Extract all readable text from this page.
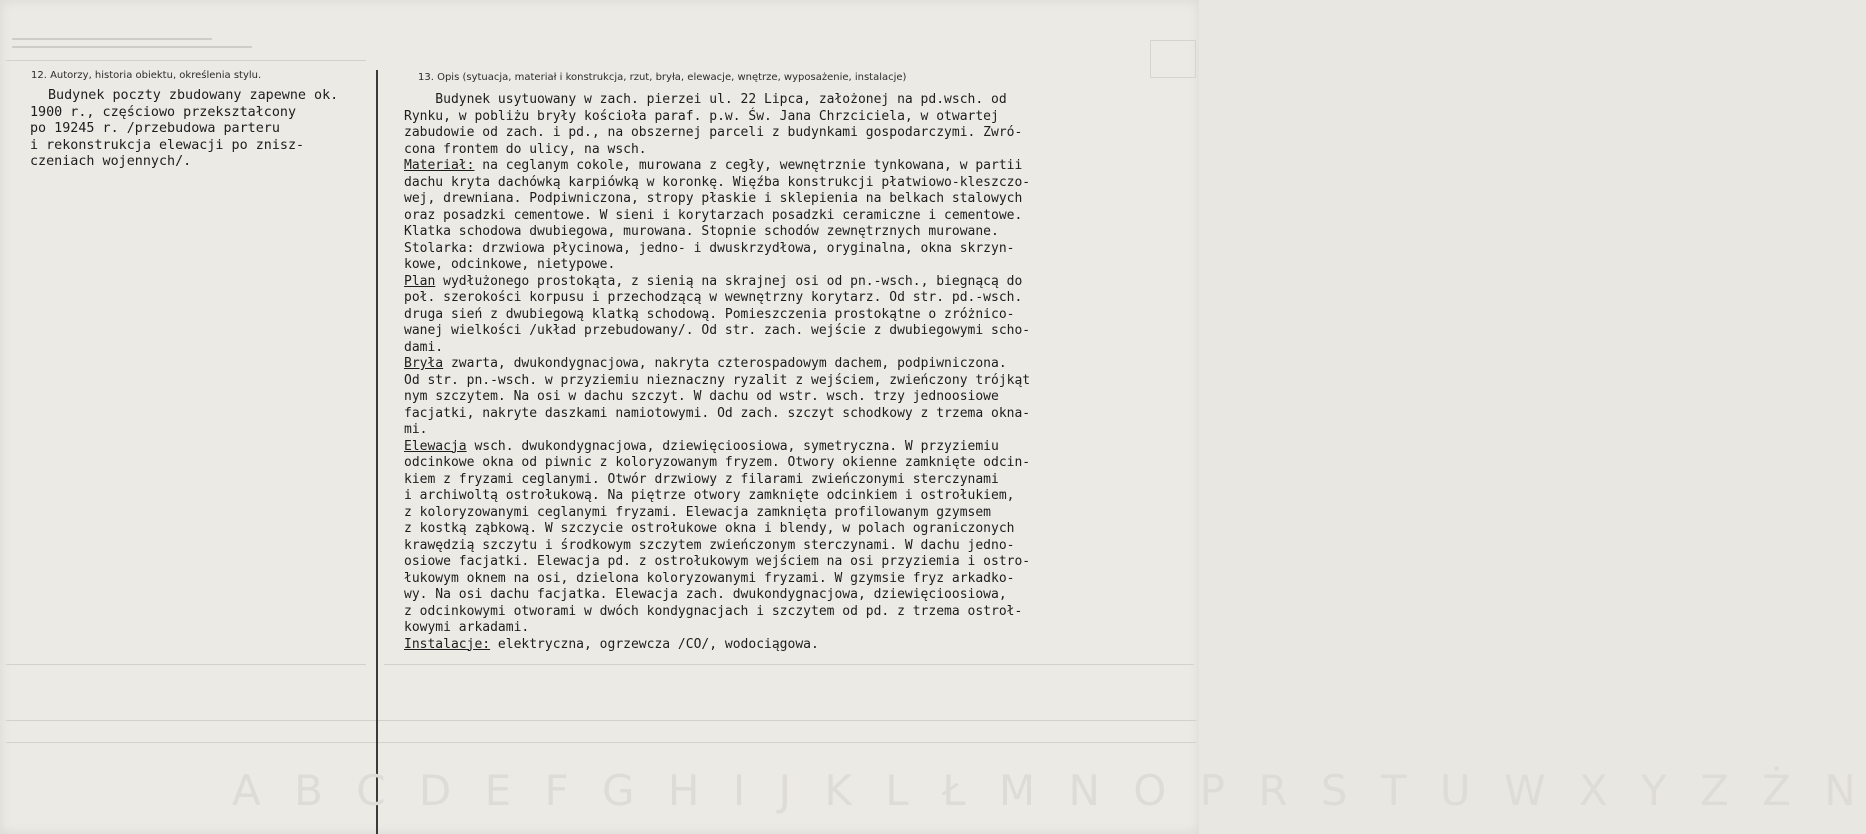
12. Autorzy, historia obiektu, określenia stylu.	13. Opis (sytuacja, materiał i konstrukcja, rzut, bryła, elewacje, wnętrze, wyposażenie, instalacje)
Budynek poczty zbudowany zapewne ok.
1900 r., częściowo przekształcony
po 19245 r. /przebudowa parteru
i rekonstrukcja elewacji po znisz-
czeniach wojennych/.
Budynek usytuowany w zach. pierzei ul. 22 Lipca, założonej na pd.wsch. od
Rynku, w pobliżu bryły kościoła paraf. p.w. Św. Jana Chrzciciela, w otwartej
zabudowie od zach. i pd., na obszernej parceli z budynkami gospodarczymi. Zwró-
cona frontem do ulicy, na wsch.
Materiał: na ceglanym cokole, murowana z cegły, wewnętrznie tynkowana, w partii
dachu kryta dachówką karpiówką w koronkę. Więźba konstrukcji płatwiowo-kleszczo-
wej, drewniana. Podpiwniczona, stropy płaskie i sklepienia na belkach stalowych
oraz posadzki cementowe. W sieni i korytarzach posadzki ceramiczne i cementowe.
Klatka schodowa dwubiegowa, murowana. Stopnie schodów zewnętrznych murowane.
Stolarka: drzwiowa płycinowa, jedno- i dwuskrzydłowa, oryginalna, okna skrzyn-
kowe, odcinkowe, nietypowe.
Plan wydłużonego prostokąta, z sienią na skrajnej osi od pn.-wsch., biegnącą do
poł. szerokości korpusu i przechodzącą w wewnętrzny korytarz. Od str. pd.-wsch.
druga sień z dwubiegową klatką schodową. Pomieszczenia prostokątne o zróżnico-
wanej wielkości /układ przebudowany/. Od str. zach. wejście z dwubiegowymi scho-
dami.
Bryła zwarta, dwukondygnacjowa, nakryta czterospadowym dachem, podpiwniczona.
Od str. pn.-wsch. w przyziemiu nieznaczny ryzalit z wejściem, zwieńczony trójkąt
nym szczytem. Na osi w dachu szczyt. W dachu od wstr. wsch. trzy jednoosiowe
facjatki, nakryte daszkami namiotowymi. Od zach. szczyt schodkowy z trzema okna-
mi.
Elewacja wsch. dwukondygnacjowa, dziewięcioosiowa, symetryczna. W przyziemiu
odcinkowe okna od piwnic z koloryzowanym fryzem. Otwory okienne zamknięte odcin-
kiem z fryzami ceglanymi. Otwór drzwiowy z filarami zwieńczonymi sterczynami
i archiwoltą ostrołukową. Na piętrze otwory zamknięte odcinkiem i ostrołukiem,
z koloryzowanymi ceglanymi fryzami. Elewacja zamknięta profilowanym gzymsem
z kostką ząbkową. W szczycie ostrołukowe okna i blendy, w polach ograniczonych
krawędzią szczytu i środkowym szczytem zwieńczonym sterczynami. W dachu jedno-
osiowe facjatki. Elewacja pd. z ostrołukowym wejściem na osi przyziemia i ostro-
łukowym oknem na osi, dzielona koloryzowanymi fryzami. W gzymsie fryz arkadko-
wy. Na osi dachu facjatka. Elewacja zach. dwukondygnacjowa, dziewięcioosiowa,
z odcinkowymi otworami w dwóch kondygnacjach i szczytem od pd. z trzema ostroł-
kowymi arkadami.
Instalacje: elektryczna, ogrzewcza /CO/, wodociągowa.
A B C D E F G H I J K L Ł M N O P R S T U W X Y Z Ż N
